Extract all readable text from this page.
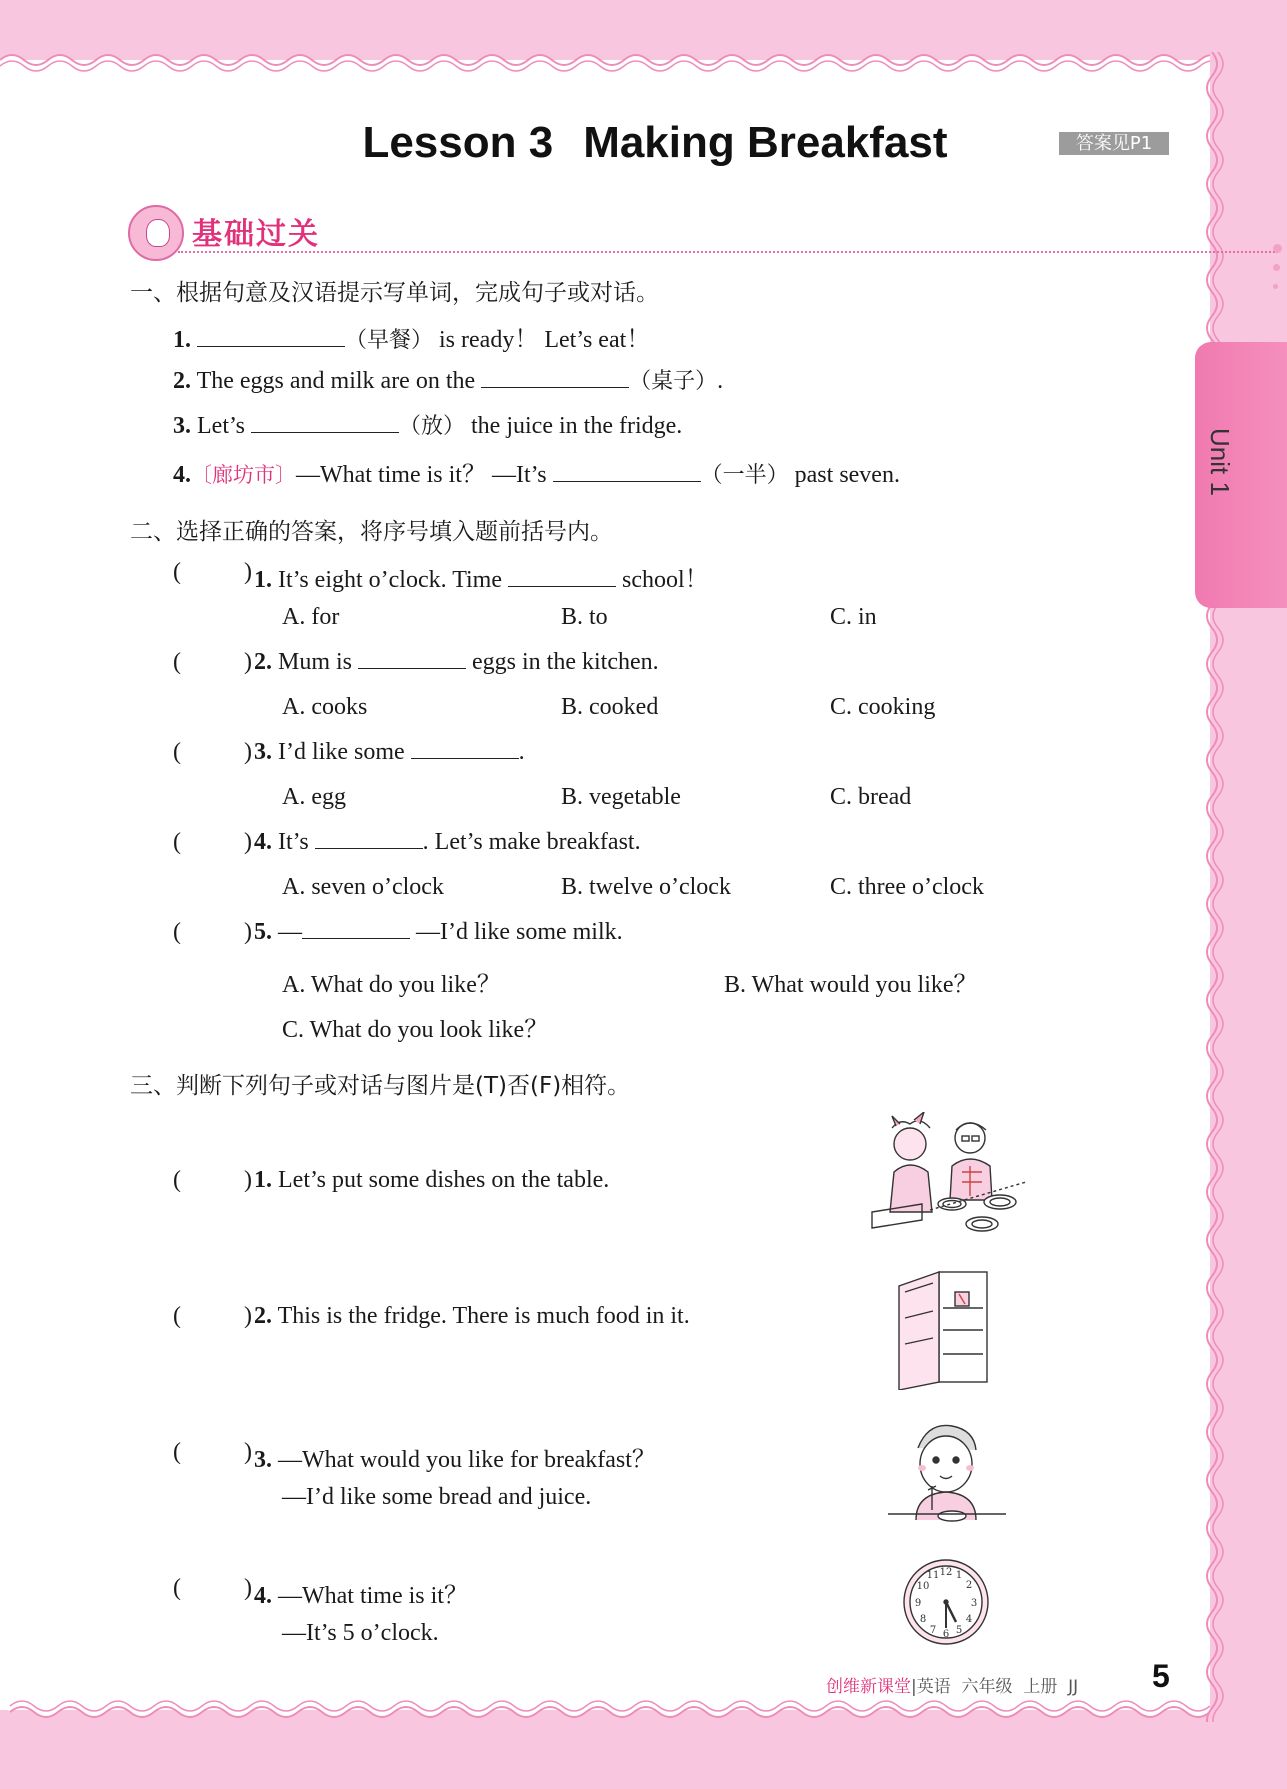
Unit 1
Lesson 3 Making Breakfast	答案见P1
基础过关
一、根据句意及汉语提示写单词，完成句子或对话。
1.	（早餐） is ready！ Let’s eat！
2. The eggs and milk are on the	（桌子）.
3. Let’s	（放） the juice in the fridge.
4.〔廊坊市〕—What time is it？ —It’s	（一半） past seven.
二、选择正确的答案，将序号填入题前括号内。
(	) 1. It’s eight o’clock. Time	school！
A. for	B. to	C. in
(	) 2. Mum is	eggs in the kitchen.
A. cooks	B. cooked	C. cooking
(	) 3. I’d like some	.
A. egg	B. vegetable	C. bread
(	) 4. It’s	. Let’s make breakfast.
A. seven o’clock	B. twelve o’clock	C. three o’clock
(	) 5. —	—I’d like some milk.
A. What do you like？	B. What would you like？
C. What do you look like？
三、判断下列句子或对话与图片是(T)否(F)相符。
(	) 1. Let’s put some dishes on the table.
(	) 2. This is the fridge. There is much food in it.
(	) 3. —What would you like for breakfast？
—I’d like some bread and juice.
(	) 4. —What time is it？
—It’s 5 o’clock.
12 1
2
3
4
5
6
7
8
9
10
11
创维新课堂|英语 六年级 上册 JJ 5
